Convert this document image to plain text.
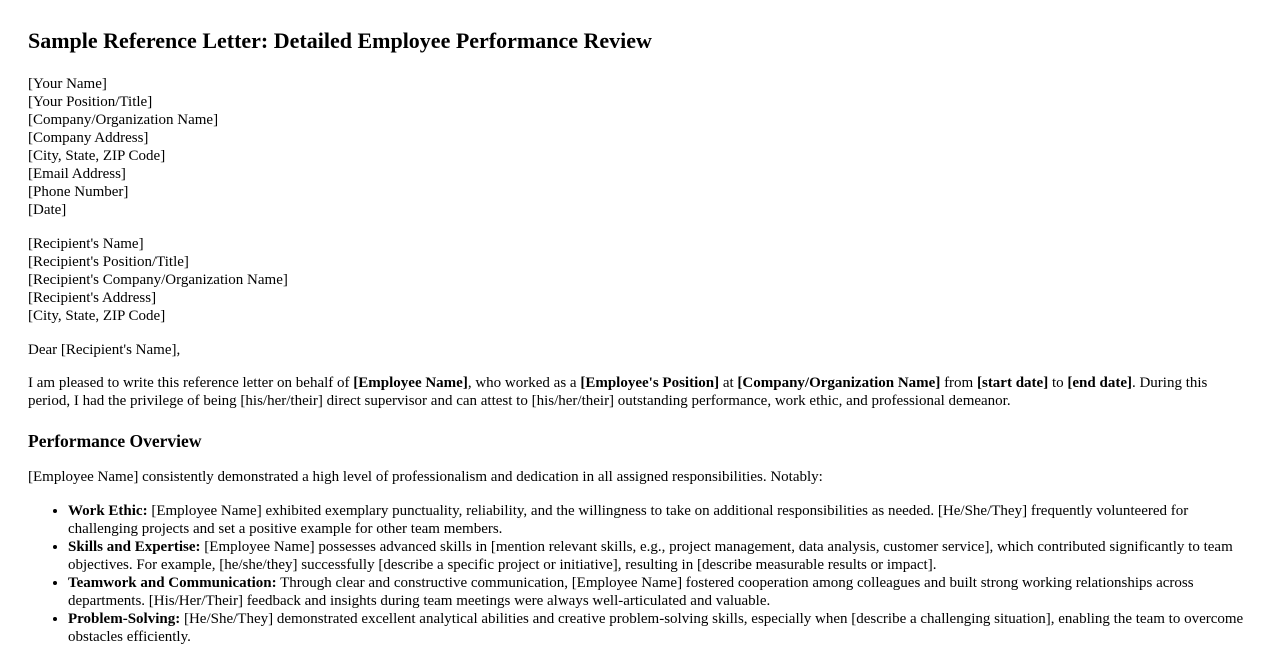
Sample Reference Letter: Detailed Employee Performance Review
[Your Name]
[Your Position/Title]
[Company/Organization Name]
[Company Address]
[City, State, ZIP Code]
[Email Address]
[Phone Number]
[Date]
[Recipient's Name]
[Recipient's Position/Title]
[Recipient's Company/Organization Name]
[Recipient's Address]
[City, State, ZIP Code]

Dear [Recipient's Name],

I am pleased to write this reference letter on behalf of [Employee Name], who worked as a [Employee's Position] at [Company/Organization Name] from [start date] to [end date]. During this period, I had the privilege of being [his/her/their] direct supervisor and can attest to [his/her/their] outstanding performance, work ethic, and professional demeanor.

Performance Overview

[Employee Name] consistently demonstrated a high level of professionalism and dedication in all assigned responsibilities. Notably:

• Work Ethic: [Employee Name] exhibited exemplary punctuality, reliability, and the willingness to take on additional responsibilities as needed. [He/She/They] frequently volunteered for challenging projects and set a positive example for other team members.
• Skills and Expertise: [Employee Name] possesses advanced skills in [mention relevant skills, e.g., project management, data analysis, customer service], which contributed significantly to team objectives. For example, [he/she/they] successfully [describe a specific project or initiative], resulting in [describe measurable results or impact].
• Teamwork and Communication: Through clear and constructive communication, [Employee Name] fostered cooperation among colleagues and built strong working relationships across departments. [His/Her/Their] feedback and insights during team meetings were always well-articulated and valuable.
• Problem-Solving: [He/She/They] demonstrated excellent analytical abilities and creative problem-solving skills, especially when [describe a challenging situation], enabling the team to overcome obstacles efficiently.
